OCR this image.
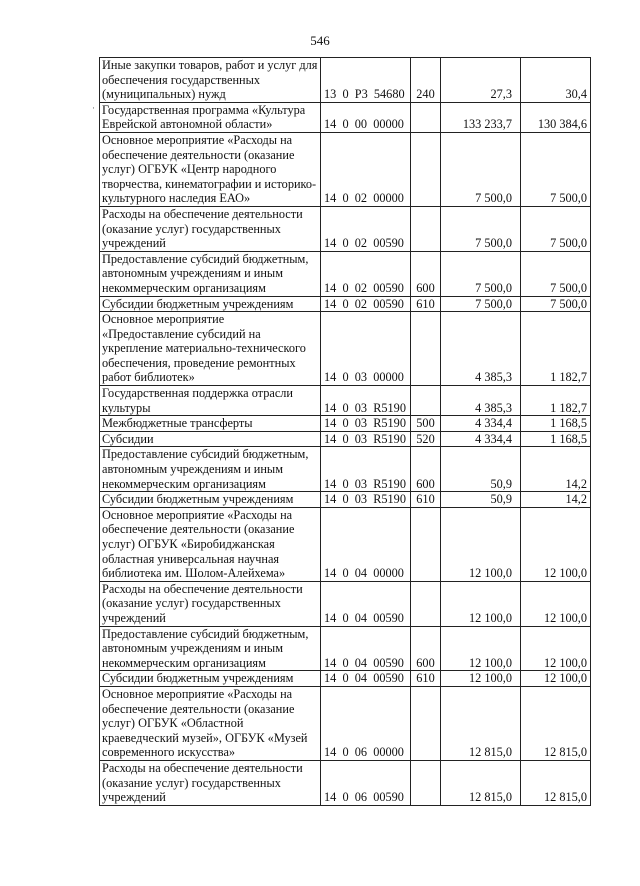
546
·
Иные закупки товаров, работ и услуг для обеспечения государственных (муниципальных) нужд	13  0  Р3  54680	240	27,3	30,4
Государственная программа «Культура Еврейской автономной области»	14  0  00  00000		133 233,7	130 384,6
Основное мероприятие «Расходы на обеспечение деятельности (оказание услуг) ОГБУК «Центр народного творчества, кинематографии и историко-культурного наследия ЕАО»	14  0  02  00000		7 500,0	7 500,0
Расходы на обеспечение деятельности (оказание услуг) государственных учреждений	14  0  02  00590		7 500,0	7 500,0
Предоставление субсидий бюджетным, автономным учреждениям и иным некоммерческим организациям	14  0  02  00590	600	7 500,0	7 500,0
Субсидии бюджетным учреждениям	14  0  02  00590	610	7 500,0	7 500,0
Основное мероприятие «Предоставление субсидий на укрепление материально-технического обеспечения, проведение ремонтных работ библиотек»	14  0  03  00000		4 385,3	1 182,7
Государственная поддержка отрасли культуры	14  0  03  R5190		4 385,3	1 182,7
Межбюджетные трансферты	14  0  03  R5190	500	4 334,4	1 168,5
Субсидии	14  0  03  R5190	520	4 334,4	1 168,5
Предоставление субсидий бюджетным, автономным учреждениям и иным некоммерческим организациям	14  0  03  R5190	600	50,9	14,2
Субсидии бюджетным учреждениям	14  0  03  R5190	610	50,9	14,2
Основное мероприятие «Расходы на обеспечение деятельности (оказание услуг) ОГБУК «Биробиджанская областная универсальная научная библиотека им. Шолом-Алейхема»	14  0  04  00000		12 100,0	12 100,0
Расходы на обеспечение деятельности (оказание услуг) государственных учреждений	14  0  04  00590		12 100,0	12 100,0
Предоставление субсидий бюджетным, автономным учреждениям и иным некоммерческим организациям	14  0  04  00590	600	12 100,0	12 100,0
Субсидии бюджетным учреждениям	14  0  04  00590	610	12 100,0	12 100,0
Основное мероприятие «Расходы на обеспечение деятельности (оказание услуг) ОГБУК «Областной краеведческий музей», ОГБУК «Музей современного искусства»	14  0  06  00000		12 815,0	12 815,0
Расходы на обеспечение деятельности (оказание услуг) государственных учреждений	14  0  06  00590		12 815,0	12 815,0
